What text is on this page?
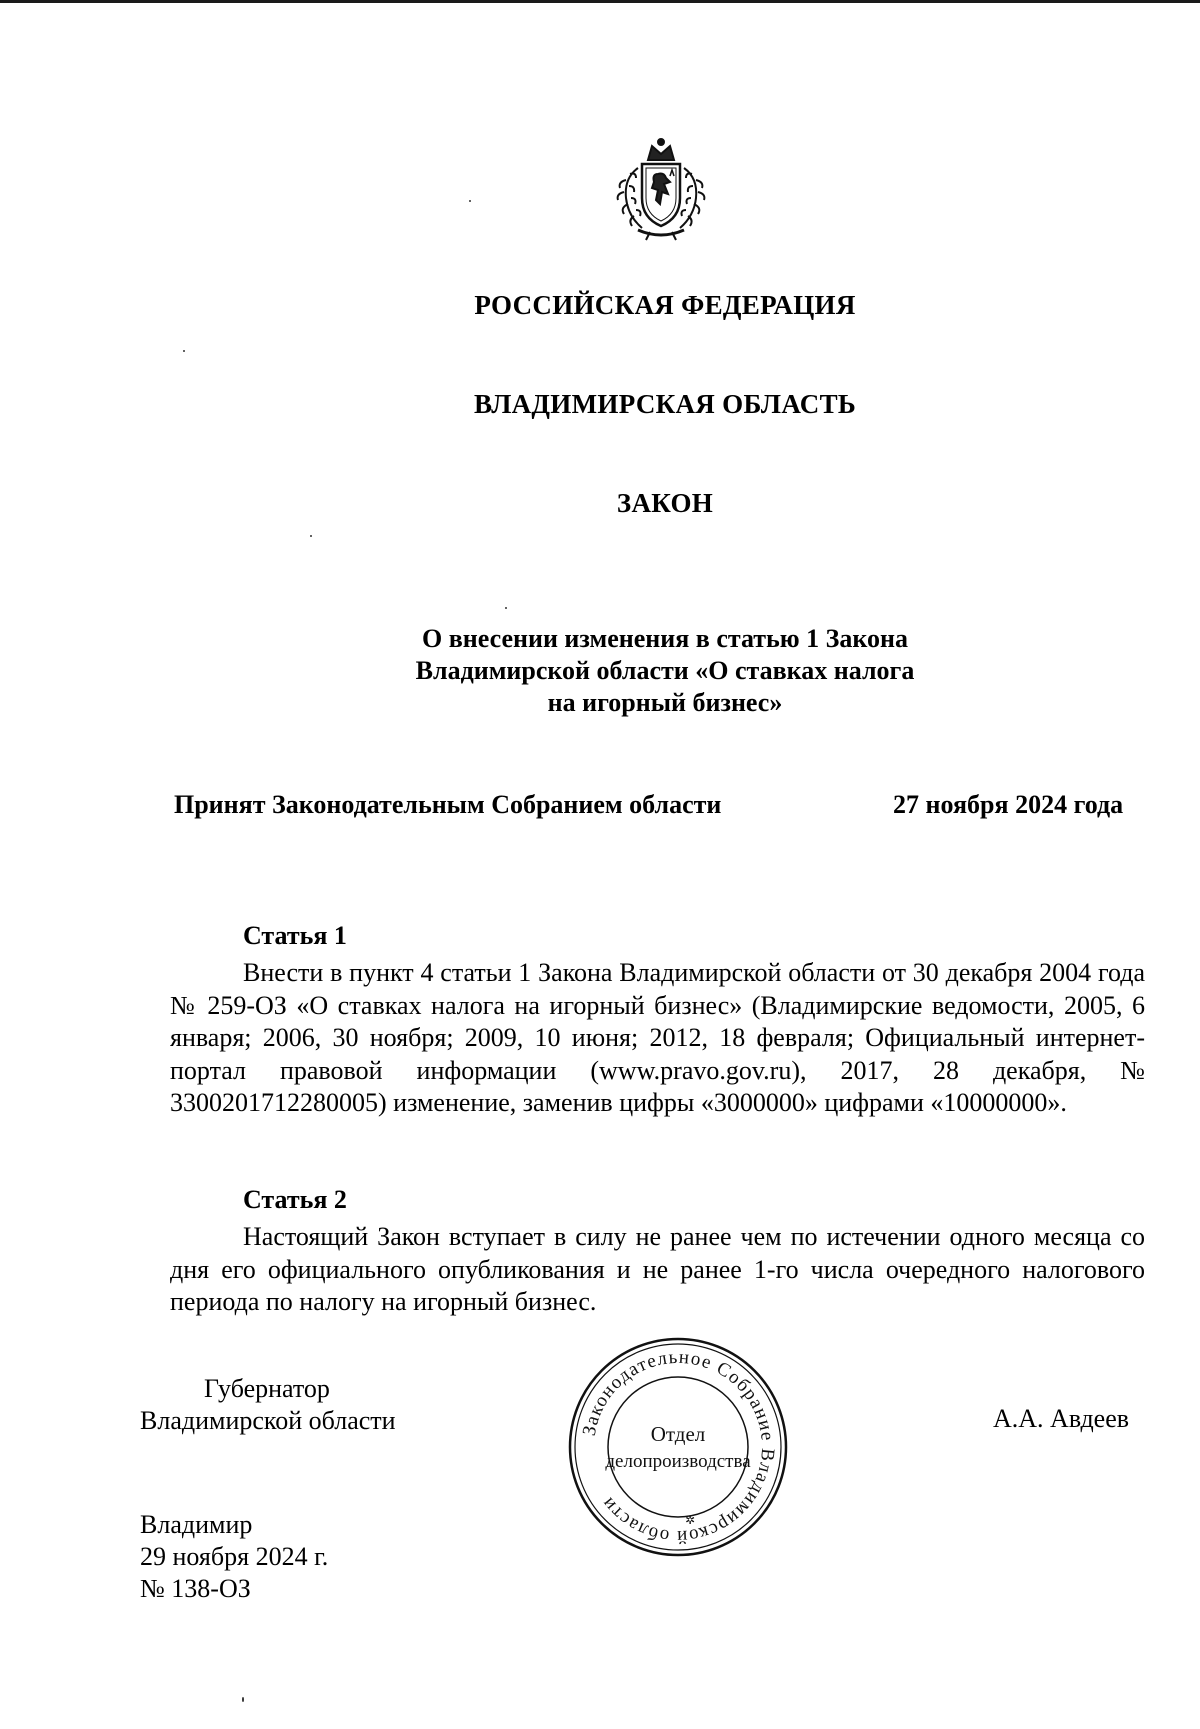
РОССИЙСКАЯ ФЕДЕРАЦИЯ
ВЛАДИМИРСКАЯ ОБЛАСТЬ
ЗАКОН
О внесении изменения в статью 1 Закона
Владимирской области «О ставках налога
на игорный бизнес»
Принят Законодательным Собранием области	27 ноября 2024 года
Статья 1
Внести в пункт 4 статьи 1 Закона Владимирской области от 30 декабря 2004 года № 259-ОЗ «О ставках налога на игорный бизнес» (Владимирские ведомости, 2005, 6 января; 2006, 30 ноября; 2009, 10 июня; 2012, 18 февраля; Официальный интернет-портал правовой информации (www.pravo.gov.ru), 2017, 28 декабря, № 3300201712280005) изменение, заменив цифры «3000000» цифрами «10000000».
Статья 2
Настоящий Закон вступает в силу не ранее чем по истечении одного месяца со дня его официального опубликования и не ранее 1-го числа очередного налогового периода по налогу на игорный бизнес.
Губернатор
Владимирской области	Законодательное Собрание Владимирской области
✲
Отдел
делопроизводства
А.А. Авдеев
Владимир
29 ноября 2024 г.
№ 138-ОЗ
